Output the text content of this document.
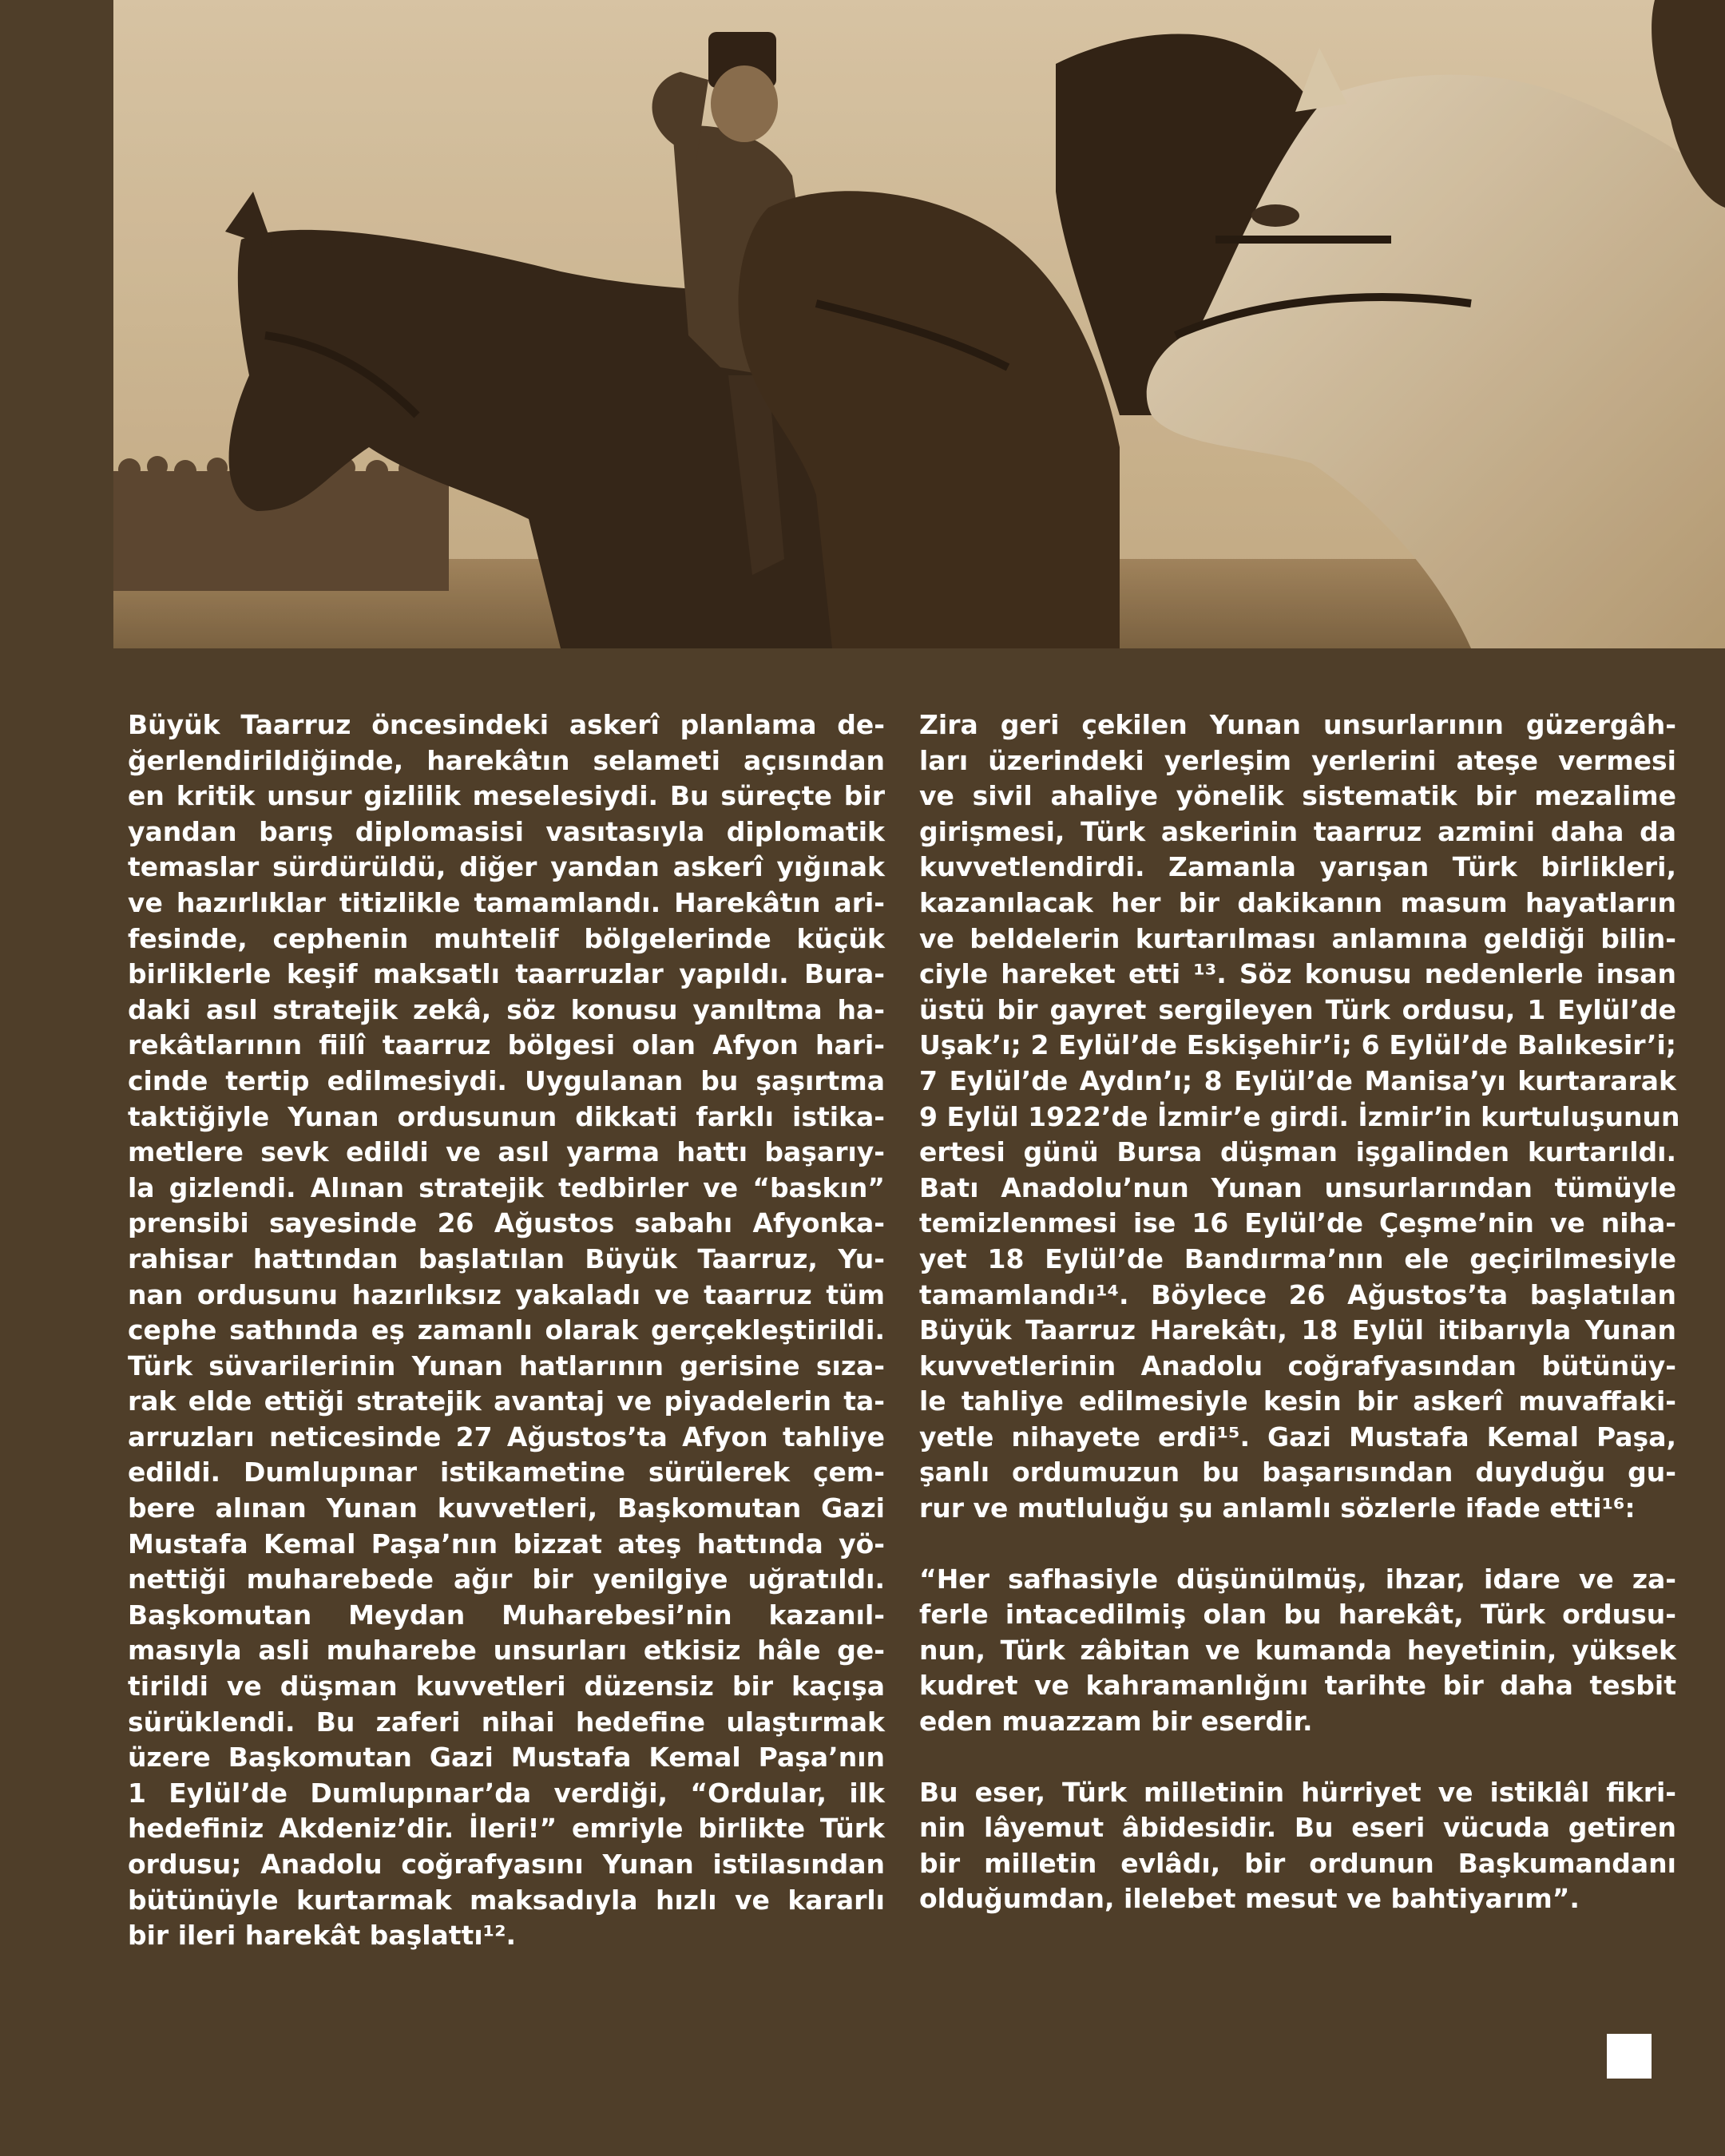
Büyük Taarruz öncesindeki askerî planlama de-
ğerlendirildiğinde, harekâtın selameti açısından
en kritik unsur gizlilik meselesiydi. Bu süreçte bir
yandan barış diplomasisi vasıtasıyla diplomatik
temaslar sürdürüldü, diğer yandan askerî yığınak
ve hazırlıklar titizlikle tamamlandı. Harekâtın ari-
fesinde, cephenin muhtelif bölgelerinde küçük
birliklerle keşif maksatlı taarruzlar yapıldı. Bura-
daki asıl stratejik zekâ, söz konusu yanıltma ha-
rekâtlarının fiilî taarruz bölgesi olan Afyon hari-
cinde tertip edilmesiydi. Uygulanan bu şaşırtma
taktiğiyle Yunan ordusunun dikkati farklı istika-
metlere sevk edildi ve asıl yarma hattı başarıy-
la gizlendi. Alınan stratejik tedbirler ve “baskın”
prensibi sayesinde 26 Ağustos sabahı Afyonka-
rahisar hattından başlatılan Büyük Taarruz, Yu-
nan ordusunu hazırlıksız yakaladı ve taarruz tüm
cephe sathında eş zamanlı olarak gerçekleştirildi.
Türk süvarilerinin Yunan hatlarının gerisine sıza-
rak elde ettiği stratejik avantaj ve piyadelerin ta-
arruzları neticesinde 27 Ağustos’ta Afyon tahliye
edildi. Dumlupınar istikametine sürülerek çem-
bere alınan Yunan kuvvetleri, Başkomutan Gazi
Mustafa Kemal Paşa’nın bizzat ateş hattında yö-
nettiği muharebede ağır bir yenilgiye uğratıldı.
Başkomutan Meydan Muharebesi’nin kazanıl-
masıyla asli muharebe unsurları etkisiz hâle ge-
tirildi ve düşman kuvvetleri düzensiz bir kaçışa
sürüklendi. Bu zaferi nihai hedefine ulaştırmak
üzere Başkomutan Gazi Mustafa Kemal Paşa’nın
1 Eylül’de Dumlupınar’da verdiği, “Ordular, ilk
hedefiniz Akdeniz’dir. İleri!” emriyle birlikte Türk
ordusu; Anadolu coğrafyasını Yunan istilasından
bütünüyle kurtarmak maksadıyla hızlı ve kararlı
bir ileri harekât başlattı¹².

Zira geri çekilen Yunan unsurlarının güzergâh-
ları üzerindeki yerleşim yerlerini ateşe vermesi
ve sivil ahaliye yönelik sistematik bir mezalime
girişmesi, Türk askerinin taarruz azmini daha da
kuvvetlendirdi. Zamanla yarışan Türk birlikleri,
kazanılacak her bir dakikanın masum hayatların
ve beldelerin kurtarılması anlamına geldiği bilin-
ciyle hareket etti ¹³. Söz konusu nedenlerle insan
üstü bir gayret sergileyen Türk ordusu, 1 Eylül’de
Uşak’ı; 2 Eylül’de Eskişehir’i; 6 Eylül’de Balıkesir’i;
7 Eylül’de Aydın’ı; 8 Eylül’de Manisa’yı kurtararak
9 Eylül 1922’de İzmir’e girdi. İzmir’in kurtuluşunun
ertesi günü Bursa düşman işgalinden kurtarıldı.
Batı Anadolu’nun Yunan unsurlarından tümüyle
temizlenmesi ise 16 Eylül’de Çeşme’nin ve niha-
yet 18 Eylül’de Bandırma’nın ele geçirilmesiyle
tamamlandı¹⁴. Böylece 26 Ağustos’ta başlatılan
Büyük Taarruz Harekâtı, 18 Eylül itibarıyla Yunan
kuvvetlerinin Anadolu coğrafyasından bütünüy-
le tahliye edilmesiyle kesin bir askerî muvaffaki-
yetle nihayete erdi¹⁵. Gazi Mustafa Kemal Paşa,
şanlı ordumuzun bu başarısından duyduğu gu-
rur ve mutluluğu şu anlamlı sözlerle ifade etti¹⁶:

“Her safhasiyle düşünülmüş, ihzar, idare ve za-
ferle intacedilmiş olan bu harekât, Türk ordusu-
nun, Türk zâbitan ve kumanda heyetinin, yüksek
kudret ve kahramanlığını tarihte bir daha tesbit
eden muazzam bir eserdir.

Bu eser, Türk milletinin hürriyet ve istiklâl fikri-
nin lâyemut âbidesidir. Bu eseri vücuda getiren
bir milletin evlâdı, bir ordunun Başkumandanı
olduğumdan, ilelebet mesut ve bahtiyarım”.
